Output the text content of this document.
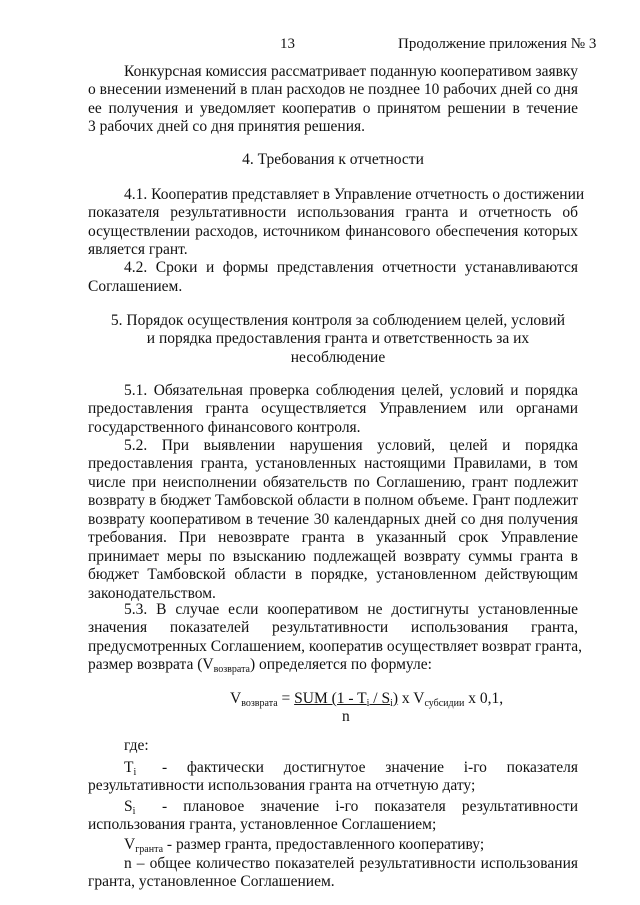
13	Продолжение приложения № 3
Конкурсная комиссия рассматривает поданную кооперативом заявку
о внесении изменений в план расходов не позднее 10 рабочих дней со дня
ее получения и уведомляет кооператив о принятом решении в течение
3 рабочих дней со дня принятия решения.
4. Требования к отчетности
4.1. Кооператив представляет в Управление отчетность о достижении
показателя результативности использования гранта и отчетность об
осуществлении расходов, источником финансового обеспечения которых
является грант.
4.2. Сроки и формы представления отчетности устанавливаются
Соглашением.
5. Порядок осуществления контроля за соблюдением целей, условий
и порядка предоставления гранта и ответственность за их
несоблюдение
5.1. Обязательная проверка соблюдения целей, условий и порядка
предоставления гранта осуществляется Управлением или органами
государственного финансового контроля.
5.2. При выявлении нарушения условий, целей и порядка
предоставления гранта, установленных настоящими Правилами, в том
числе при неисполнении обязательств по Соглашению, грант подлежит
возврату в бюджет Тамбовской области в полном объеме. Грант подлежит
возврату кооперативом в течение 30 календарных дней со дня получения
требования. При невозврате гранта в указанный срок Управление
принимает меры по взысканию подлежащей возврату суммы гранта в
бюджет Тамбовской области в порядке, установленном действующим
законодательством.
5.3. В случае если кооперативом не достигнуты установленные
значения показателей результативности использования гранта,
предусмотренных Соглашением, кооператив осуществляет возврат гранта,
размер возврата $(V_{возврата})$ определяется по формуле:
$V_{возврата}$ = SUM $(1 - T_i / S_i)$ x $V_{субсидии}$ x 0,1,
n
где:
$T_i$ - фактически достигнутое значение i-го показателя
результативности использования гранта на отчетную дату;
$S_i$ - плановое значение i-го показателя результативности
использования гранта, установленное Соглашением;
$V_{гранта}$ - размер гранта, предоставленного кооперативу;
n – общее количество показателей результативности использования
гранта, установленное Соглашением.
